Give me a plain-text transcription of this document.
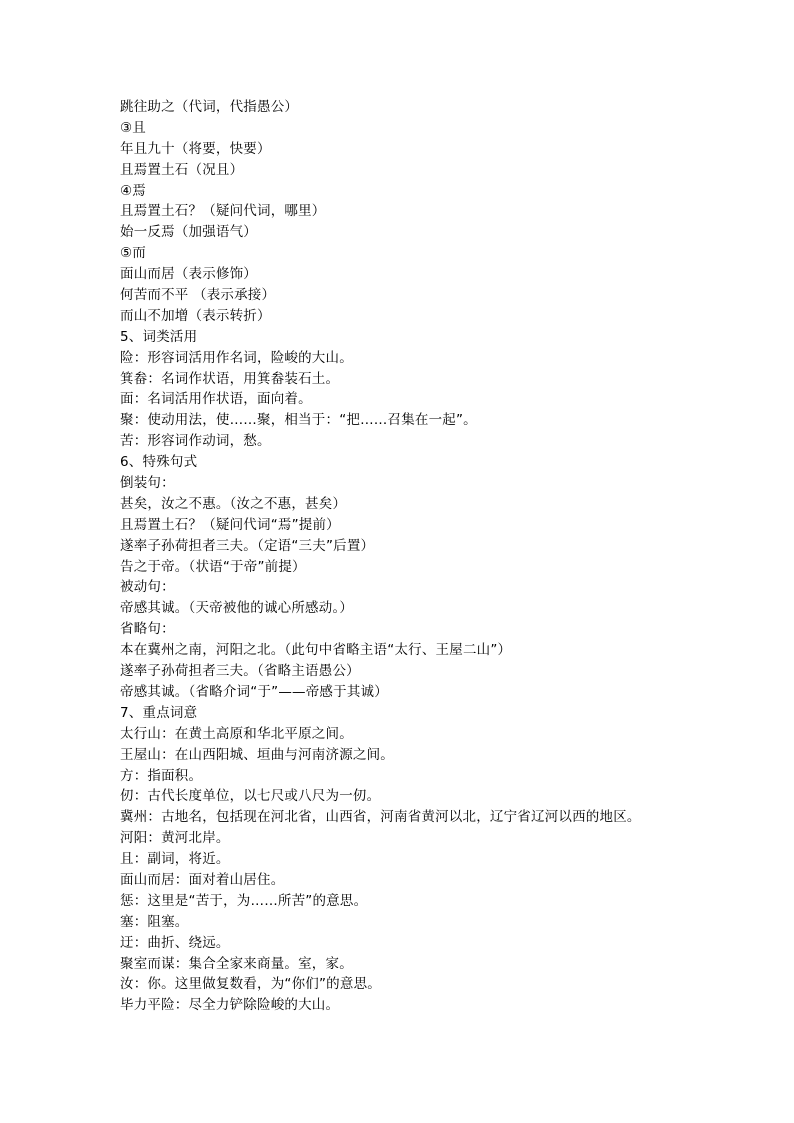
跳往助之（代词，代指愚公）
③且
年且九十（将要，快要）
且焉置土石（况且）
④焉
且焉置土石？（疑问代词，哪里）
始一反焉（加强语气）
⑤而
面山而居（表示修饰）
何苦而不平 （表示承接）
而山不加增（表示转折）
5、词类活用
险：形容词活用作名词，险峻的大山。
箕畚：名词作状语，用箕畚装石土。
面：名词活用作状语，面向着。
聚：使动用法，使……聚，相当于：“把……召集在一起”。
苦：形容词作动词，愁。
6、特殊句式
倒装句：
甚矣，汝之不惠。（汝之不惠，甚矣）
且焉置土石？（疑问代词“焉”提前）
遂率子孙荷担者三夫。（定语“三夫”后置）
告之于帝。（状语“于帝”前提）
被动句：
帝感其诚。（天帝被他的诚心所感动。）
省略句：
本在冀州之南，河阳之北。（此句中省略主语“太行、王屋二山”）
遂率子孙荷担者三夫。（省略主语愚公）
帝感其诚。（省略介词“于”——帝感于其诚）
7、重点词意
太行山：在黄土高原和华北平原之间。
王屋山：在山西阳城、垣曲与河南济源之间。
方：指面积。
仞：古代长度单位，以七尺或八尺为一仞。
冀州：古地名，包括现在河北省，山西省，河南省黄河以北，辽宁省辽河以西的地区。
河阳：黄河北岸。
且：副词，将近。
面山而居：面对着山居住。
惩：这里是“苦于，为……所苦”的意思。
塞：阻塞。
迂：曲折、绕远。
聚室而谋：集合全家来商量。室，家。
汝：你。这里做复数看，为“你们”的意思。
毕力平险：尽全力铲除险峻的大山。
